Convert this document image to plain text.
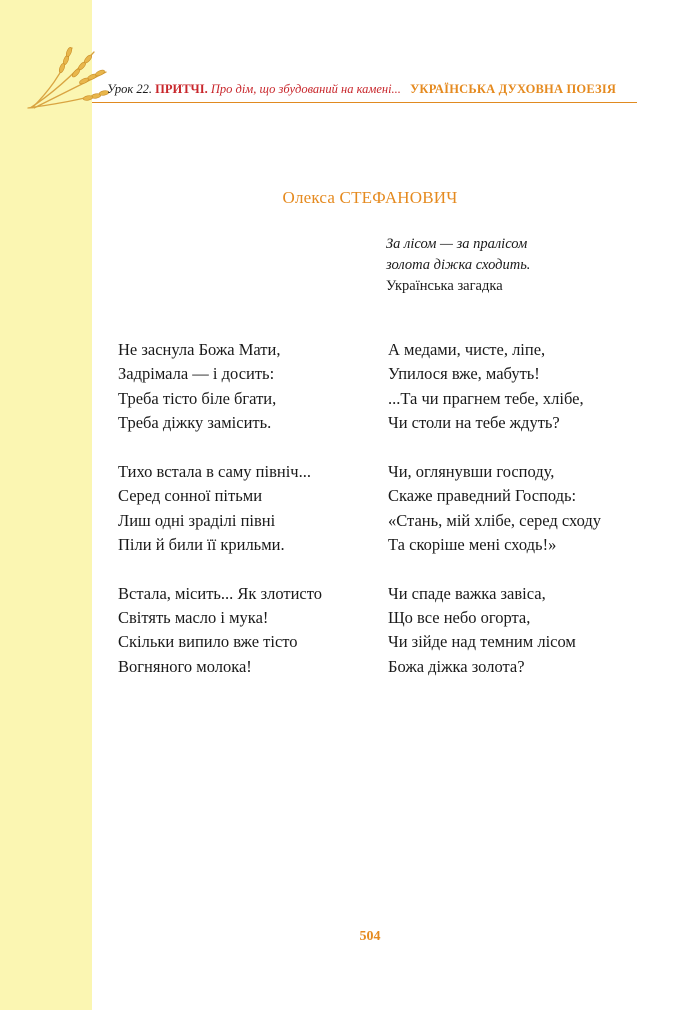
Урок 22. ПРИТЧІ. Про дім, що збудований на камені... УКРАЇНСЬКА ДУХОВНА ПОЕЗІЯ
Олекса СТЕФАНОВИЧ
За лісом — за пралісом
золота діжка сходить.
Українська загадка
Не заснула Божа Мати,
Задрімала — і досить:
Треба тісто біле бгати,
Треба діжку замісить.
Тихо встала в саму північ...
Серед сонної пітьми
Лиш одні зраділі півні
Піли й били її крильми.
Встала, місить... Як злотисто
Світять масло і мука!
Скільки випило вже тісто
Вогняного молока!
А медами, чисте, ліпе,
Упилося вже, мабуть!
...Та чи прагнем тебе, хлібе,
Чи столи на тебе ждуть?
Чи, оглянувши господу,
Скаже праведний Господь:
«Стань, мій хлібе, серед сходу
Та скоріше мені сходь!»
Чи спаде важка завіса,
Що все небо огорта,
Чи зійде над темним лісом
Божа діжка золота?
504
